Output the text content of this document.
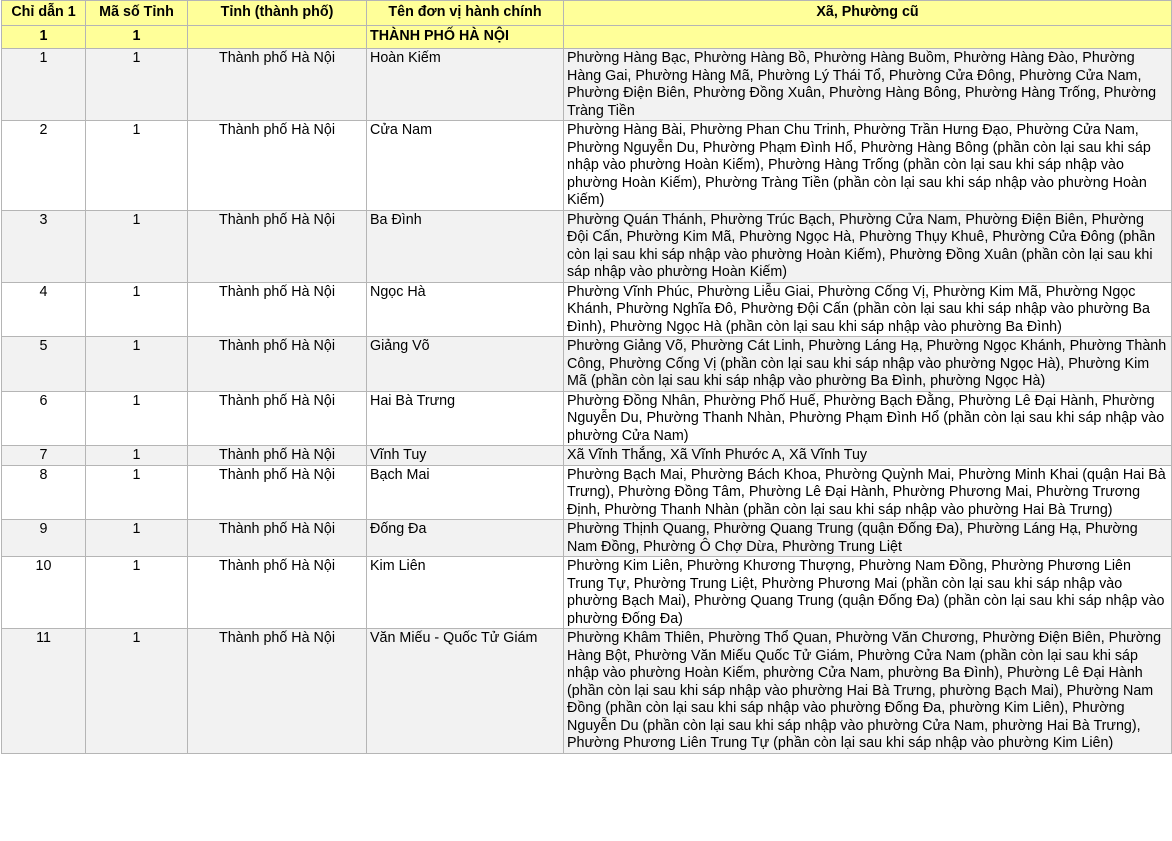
Chỉ dẫn 1	Mã số Tỉnh	Tỉnh (thành phố)	Tên đơn vị hành chính	Xã, Phường cũ
1	1		THÀNH PHỐ HÀ NỘI	
1	1	Thành phố Hà Nội	Hoàn Kiếm	Phường Hàng Bạc, Phường Hàng Bồ, Phường Hàng Buồm, Phường Hàng Đào, Phường Hàng Gai, Phường Hàng Mã, Phường Lý Thái Tổ, Phường Cửa Đông, Phường Cửa Nam, Phường Điện Biên, Phường Đồng Xuân, Phường Hàng Bông, Phường Hàng Trống, Phường Tràng Tiền
2	1	Thành phố Hà Nội	Cửa Nam	Phường Hàng Bài, Phường Phan Chu Trinh, Phường Trần Hưng Đạo, Phường Cửa Nam, Phường Nguyễn Du, Phường Phạm Đình Hổ, Phường Hàng Bông (phần còn lại sau khi sáp nhập vào phường Hoàn Kiếm), Phường Hàng Trống (phần còn lại sau khi sáp nhập vào phường Hoàn Kiếm), Phường Tràng Tiền (phần còn lại sau khi sáp nhập vào phường Hoàn Kiếm)
3	1	Thành phố Hà Nội	Ba Đình	Phường Quán Thánh, Phường Trúc Bạch, Phường Cửa Nam, Phường Điện Biên, Phường Đội Cấn, Phường Kim Mã, Phường Ngọc Hà, Phường Thụy Khuê, Phường Cửa Đông (phần còn lại sau khi sáp nhập vào phường Hoàn Kiếm), Phường Đồng Xuân (phần còn lại sau khi sáp nhập vào phường Hoàn Kiếm)
4	1	Thành phố Hà Nội	Ngọc Hà	Phường Vĩnh Phúc, Phường Liễu Giai, Phường Cống Vị, Phường Kim Mã, Phường Ngọc Khánh, Phường Nghĩa Đô, Phường Đội Cấn (phần còn lại sau khi sáp nhập vào phường Ba Đình), Phường Ngọc Hà (phần còn lại sau khi sáp nhập vào phường Ba Đình)
5	1	Thành phố Hà Nội	Giảng Võ	Phường Giảng Võ, Phường Cát Linh, Phường Láng Hạ, Phường Ngọc Khánh, Phường Thành Công, Phường Cống Vị (phần còn lại sau khi sáp nhập vào phường Ngọc Hà), Phường Kim Mã (phần còn lại sau khi sáp nhập vào phường Ba Đình, phường Ngọc Hà)
6	1	Thành phố Hà Nội	Hai Bà Trưng	Phường Đồng Nhân, Phường Phố Huế, Phường Bạch Đằng, Phường Lê Đại Hành, Phường Nguyễn Du, Phường Thanh Nhàn, Phường Phạm Đình Hổ (phần còn lại sau khi sáp nhập vào phường Cửa Nam)
7	1	Thành phố Hà Nội	Vĩnh Tuy	Xã Vĩnh Thắng, Xã Vĩnh Phước A, Xã Vĩnh Tuy
8	1	Thành phố Hà Nội	Bạch Mai	Phường Bạch Mai, Phường Bách Khoa, Phường Quỳnh Mai, Phường Minh Khai (quận Hai Bà Trưng), Phường Đồng Tâm, Phường Lê Đại Hành, Phường Phương Mai, Phường Trương Định, Phường Thanh Nhàn (phần còn lại sau khi sáp nhập vào phường Hai Bà Trưng)
9	1	Thành phố Hà Nội	Đống Đa	Phường Thịnh Quang, Phường Quang Trung (quận Đống Đa), Phường Láng Hạ, Phường Nam Đồng, Phường Ô Chợ Dừa, Phường Trung Liệt
10	1	Thành phố Hà Nội	Kim Liên	Phường Kim Liên, Phường Khương Thượng, Phường Nam Đồng, Phường Phương Liên Trung Tự, Phường Trung Liệt, Phường Phương Mai (phần còn lại sau khi sáp nhập vào phường Bạch Mai), Phường Quang Trung (quận Đống Đa) (phần còn lại sau khi sáp nhập vào phường Đống Đa)
11	1	Thành phố Hà Nội	Văn Miếu - Quốc Tử Giám	Phường Khâm Thiên, Phường Thổ Quan, Phường Văn Chương, Phường Điện Biên, Phường Hàng Bột, Phường Văn Miếu Quốc Tử Giám, Phường Cửa Nam (phần còn lại sau khi sáp nhập vào phường Hoàn Kiếm, phường Cửa Nam, phường Ba Đình), Phường Lê Đại Hành (phần còn lại sau khi sáp nhập vào phường Hai Bà Trưng, phường Bạch Mai), Phường Nam Đồng (phần còn lại sau khi sáp nhập vào phường Đống Đa, phường Kim Liên), Phường Nguyễn Du (phần còn lại sau khi sáp nhập vào phường Cửa Nam, phường Hai Bà Trưng), Phường Phương Liên Trung Tự (phần còn lại sau khi sáp nhập vào phường Kim Liên)
